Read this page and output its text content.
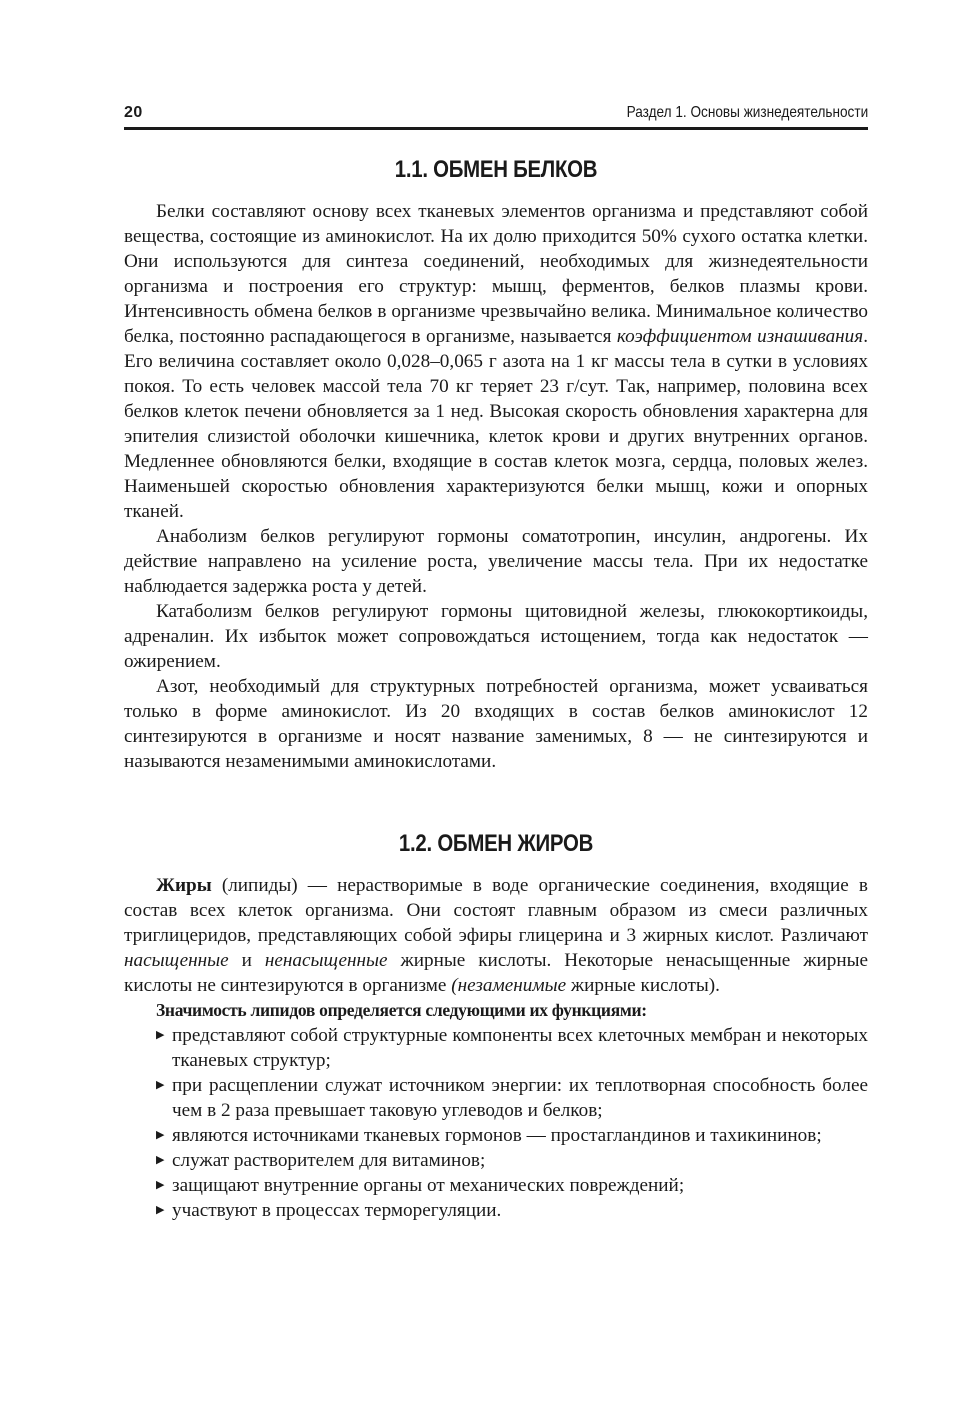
20	Раздел 1. Основы жизнедеятельности
1.1. ОБМЕН БЕЛКОВ

Белки составляют основу всех тканевых элементов организма и представляют собой вещества, состоящие из аминокислот. На их долю приходится 50% сухого остатка клетки. Они используются для синтеза соединений, необходимых для жизнедеятельности организма и построения его структур: мышц, ферментов, белков плазмы крови. Интенсивность обмена белков в организме чрезвычайно велика. Минимальное количество белка, постоянно распадающегося в организме, называется коэффициентом изнашивания. Его величина составляет около 0,028–0,065 г азота на 1 кг массы тела в сутки в условиях покоя. То есть человек массой тела 70 кг теряет 23 г/сут. Так, например, половина всех белков клеток печени обновляется за 1 нед. Высокая скорость обновления характерна для эпителия слизистой оболочки кишечника, клеток крови и других внутренних органов. Медленнее обновляются белки, входящие в состав клеток мозга, сердца, половых желез. Наименьшей скоростью обновления характеризуются белки мышц, кожи и опорных тканей.

Анаболизм белков регулируют гормоны соматотропин, инсулин, андрогены. Их действие направлено на усиление роста, увеличение массы тела. При их недостатке наблюдается задержка роста у детей.

Катаболизм белков регулируют гормоны щитовидной железы, глюкокортикоиды, адреналин. Их избыток может сопровождаться истощением, тогда как недостаток — ожирением.

Азот, необходимый для структурных потребностей организма, может усваиваться только в форме аминокислот. Из 20 входящих в состав белков аминокислот 12 синтезируются в организме и носят название заменимых, 8 — не синтезируются и называются незаменимыми аминокислотами.

1.2. ОБМЕН ЖИРОВ

Жиры (липиды) — нерастворимые в воде органические соединения, входящие в состав всех клеток организма. Они состоят главным образом из смеси различных триглицеридов, представляющих собой эфиры глицерина и 3 жирных кислот. Различают насыщенные и ненасыщенные жирные кислоты. Некоторые ненасыщенные жирные кислоты не синтезируются в организме (незаменимые жирные кислоты).

Значимость липидов определяется следующими их функциями:

▶ представляют собой структурные компоненты всех клеточных мембран и некоторых тканевых структур;
▶ при расщеплении служат источником энергии: их теплотворная способность более чем в 2 раза превышает таковую углеводов и белков;
▶ являются источниками тканевых гормонов — простагландинов и тахикининов;
▶ служат растворителем для витаминов;
▶ защищают внутренние органы от механических повреждений;
▶ участвуют в процессах терморегуляции.
